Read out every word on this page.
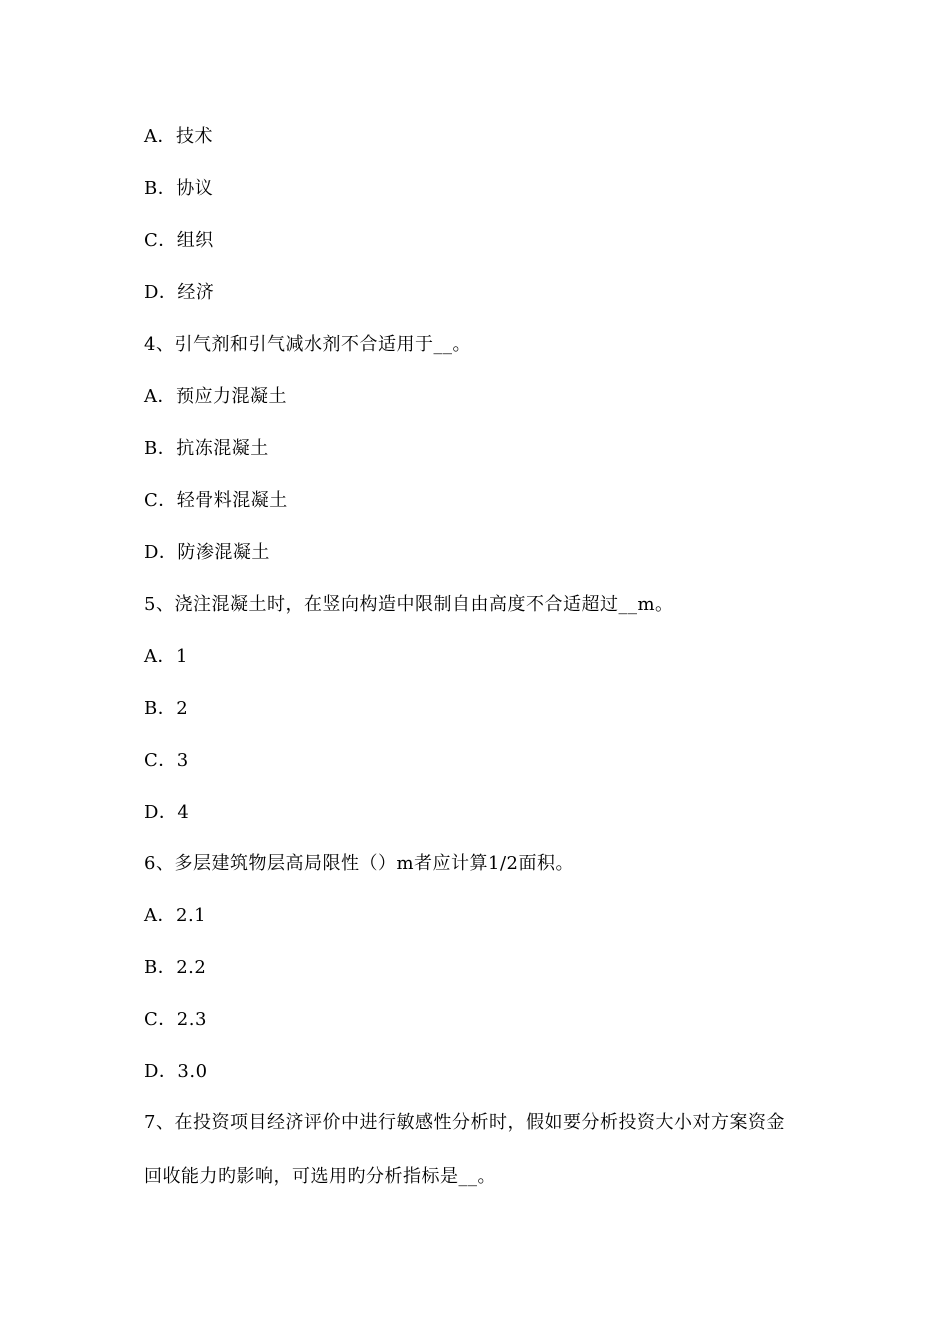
A．技术
B．协议
C．组织
D．经济
4、引气剂和引气减水剂不合适用于__。
A．预应力混凝土
B．抗冻混凝土
C．轻骨料混凝土
D．防渗混凝土
5、浇注混凝土时，在竖向构造中限制自由高度不合适超过__m。
A．1
B．2
C．3
D．4
6、多层建筑物层高局限性（）m者应计算1/2面积。
A．2.1
B．2.2
C．2.3
D．3.0
7、在投资项目经济评价中进行敏感性分析时，假如要分析投资大小对方案资金
回收能力旳影响，可选用旳分析指标是__。
